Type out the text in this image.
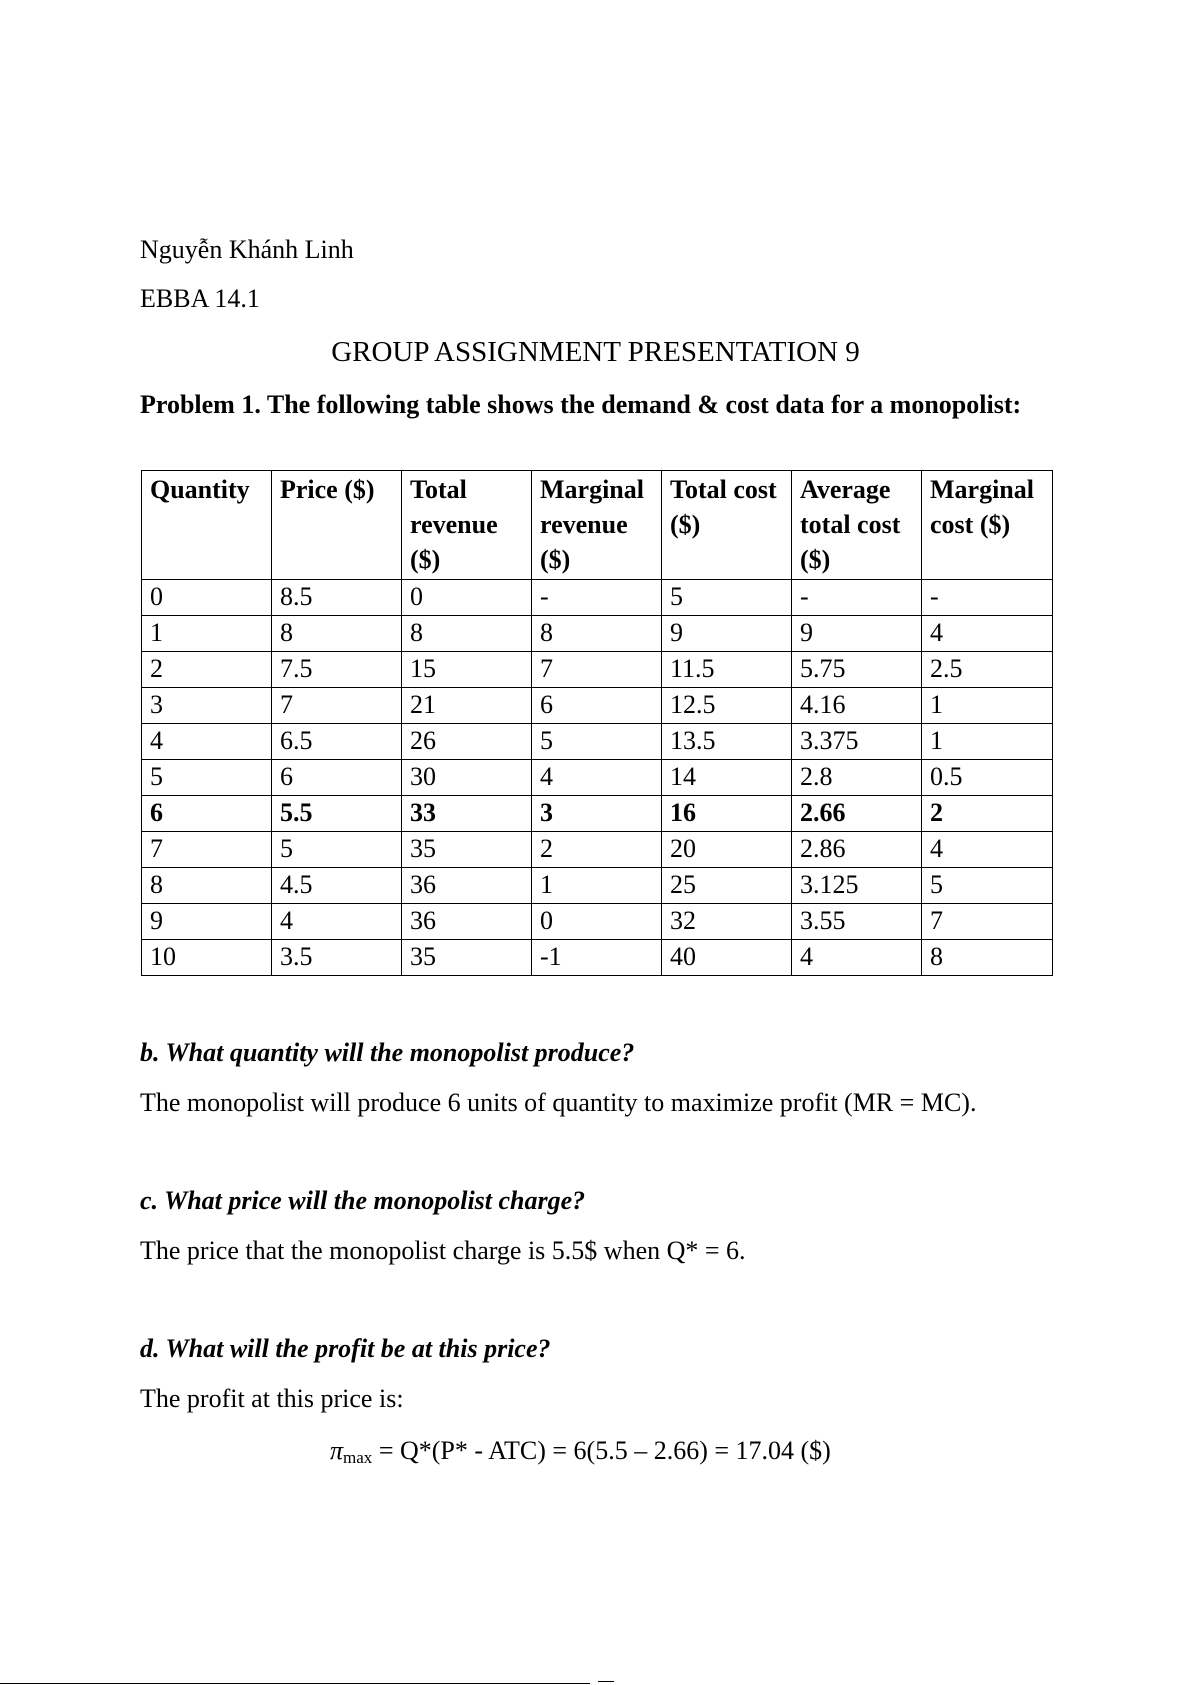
Nguyễn Khánh Linh
EBBA 14.1
GROUP ASSIGNMENT PRESENTATION 9
Problem 1. The following table shows the demand & cost data for a monopolist:
Quantity	Price ($)	Total revenue ($)	Marginal revenue ($)	Total cost ($)	Average total cost ($)	Marginal cost ($)
0	8.5	0	-	5	-	-
1	8	8	8	9	9	4
2	7.5	15	7	11.5	5.75	2.5
3	7	21	6	12.5	4.16	1
4	6.5	26	5	13.5	3.375	1
5	6	30	4	14	2.8	0.5
6	5.5	33	3	16	2.66	2
7	5	35	2	20	2.86	4
8	4.5	36	1	25	3.125	5
9	4	36	0	32	3.55	7
10	3.5	35	-1	40	4	8
b. What quantity will the monopolist produce?
The monopolist will produce 6 units of quantity to maximize profit (MR = MC).
c. What price will the monopolist charge?
The price that the monopolist charge is 5.5$ when Q* = 6.
d. What will the profit be at this price?
The profit at this price is:
$\pi_{max} = Q*(P* - ATC) = 6(5.5 - 2.66) = 17.04$ ($)
